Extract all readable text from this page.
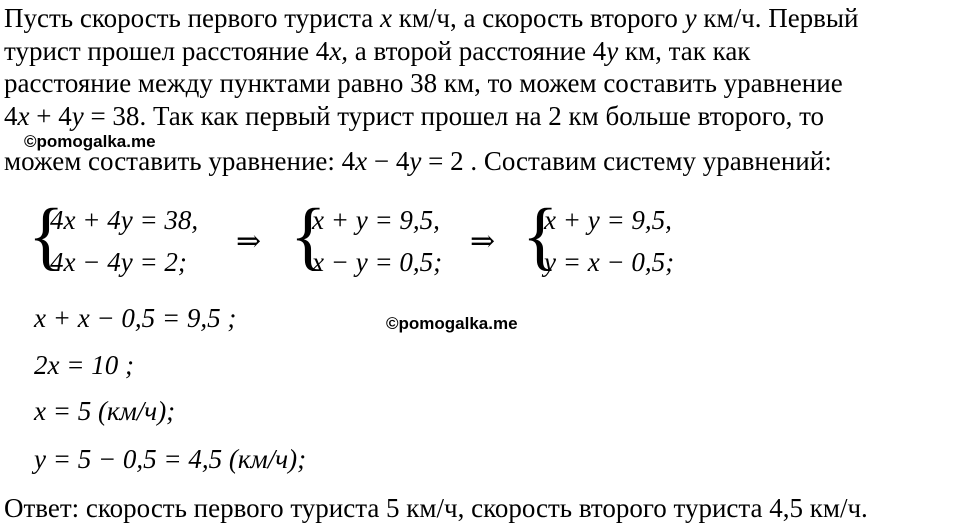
Пусть скорость первого туриста x км/ч, а скорость второго y км/ч. Первый
турист прошел расстояние 4x, а второй расстояние 4y км, так как
расстояние между пунктами равно 38 км, то можем составить уравнение
4x + 4y = 38. Так как первый турист прошел на 2 км больше второго, то
©pomogalka.me
можем составить уравнение: 4x − 4y = 2 . Составим систему уравнений:
{
4x + 4y = 38,
4x − 4y = 2;
⇒ {
x + y = 9,5,
x − y = 0,5;
⇒ {
x + y = 9,5,
y = x − 0,5;
x + x − 0,5 = 9,5 ;	©pomogalka.me
2x = 10 ;
x = 5 (км/ч);
y = 5 − 0,5 = 4,5 (км/ч);
Ответ: скорость первого туриста 5 км/ч, скорость второго туриста 4,5 км/ч.
